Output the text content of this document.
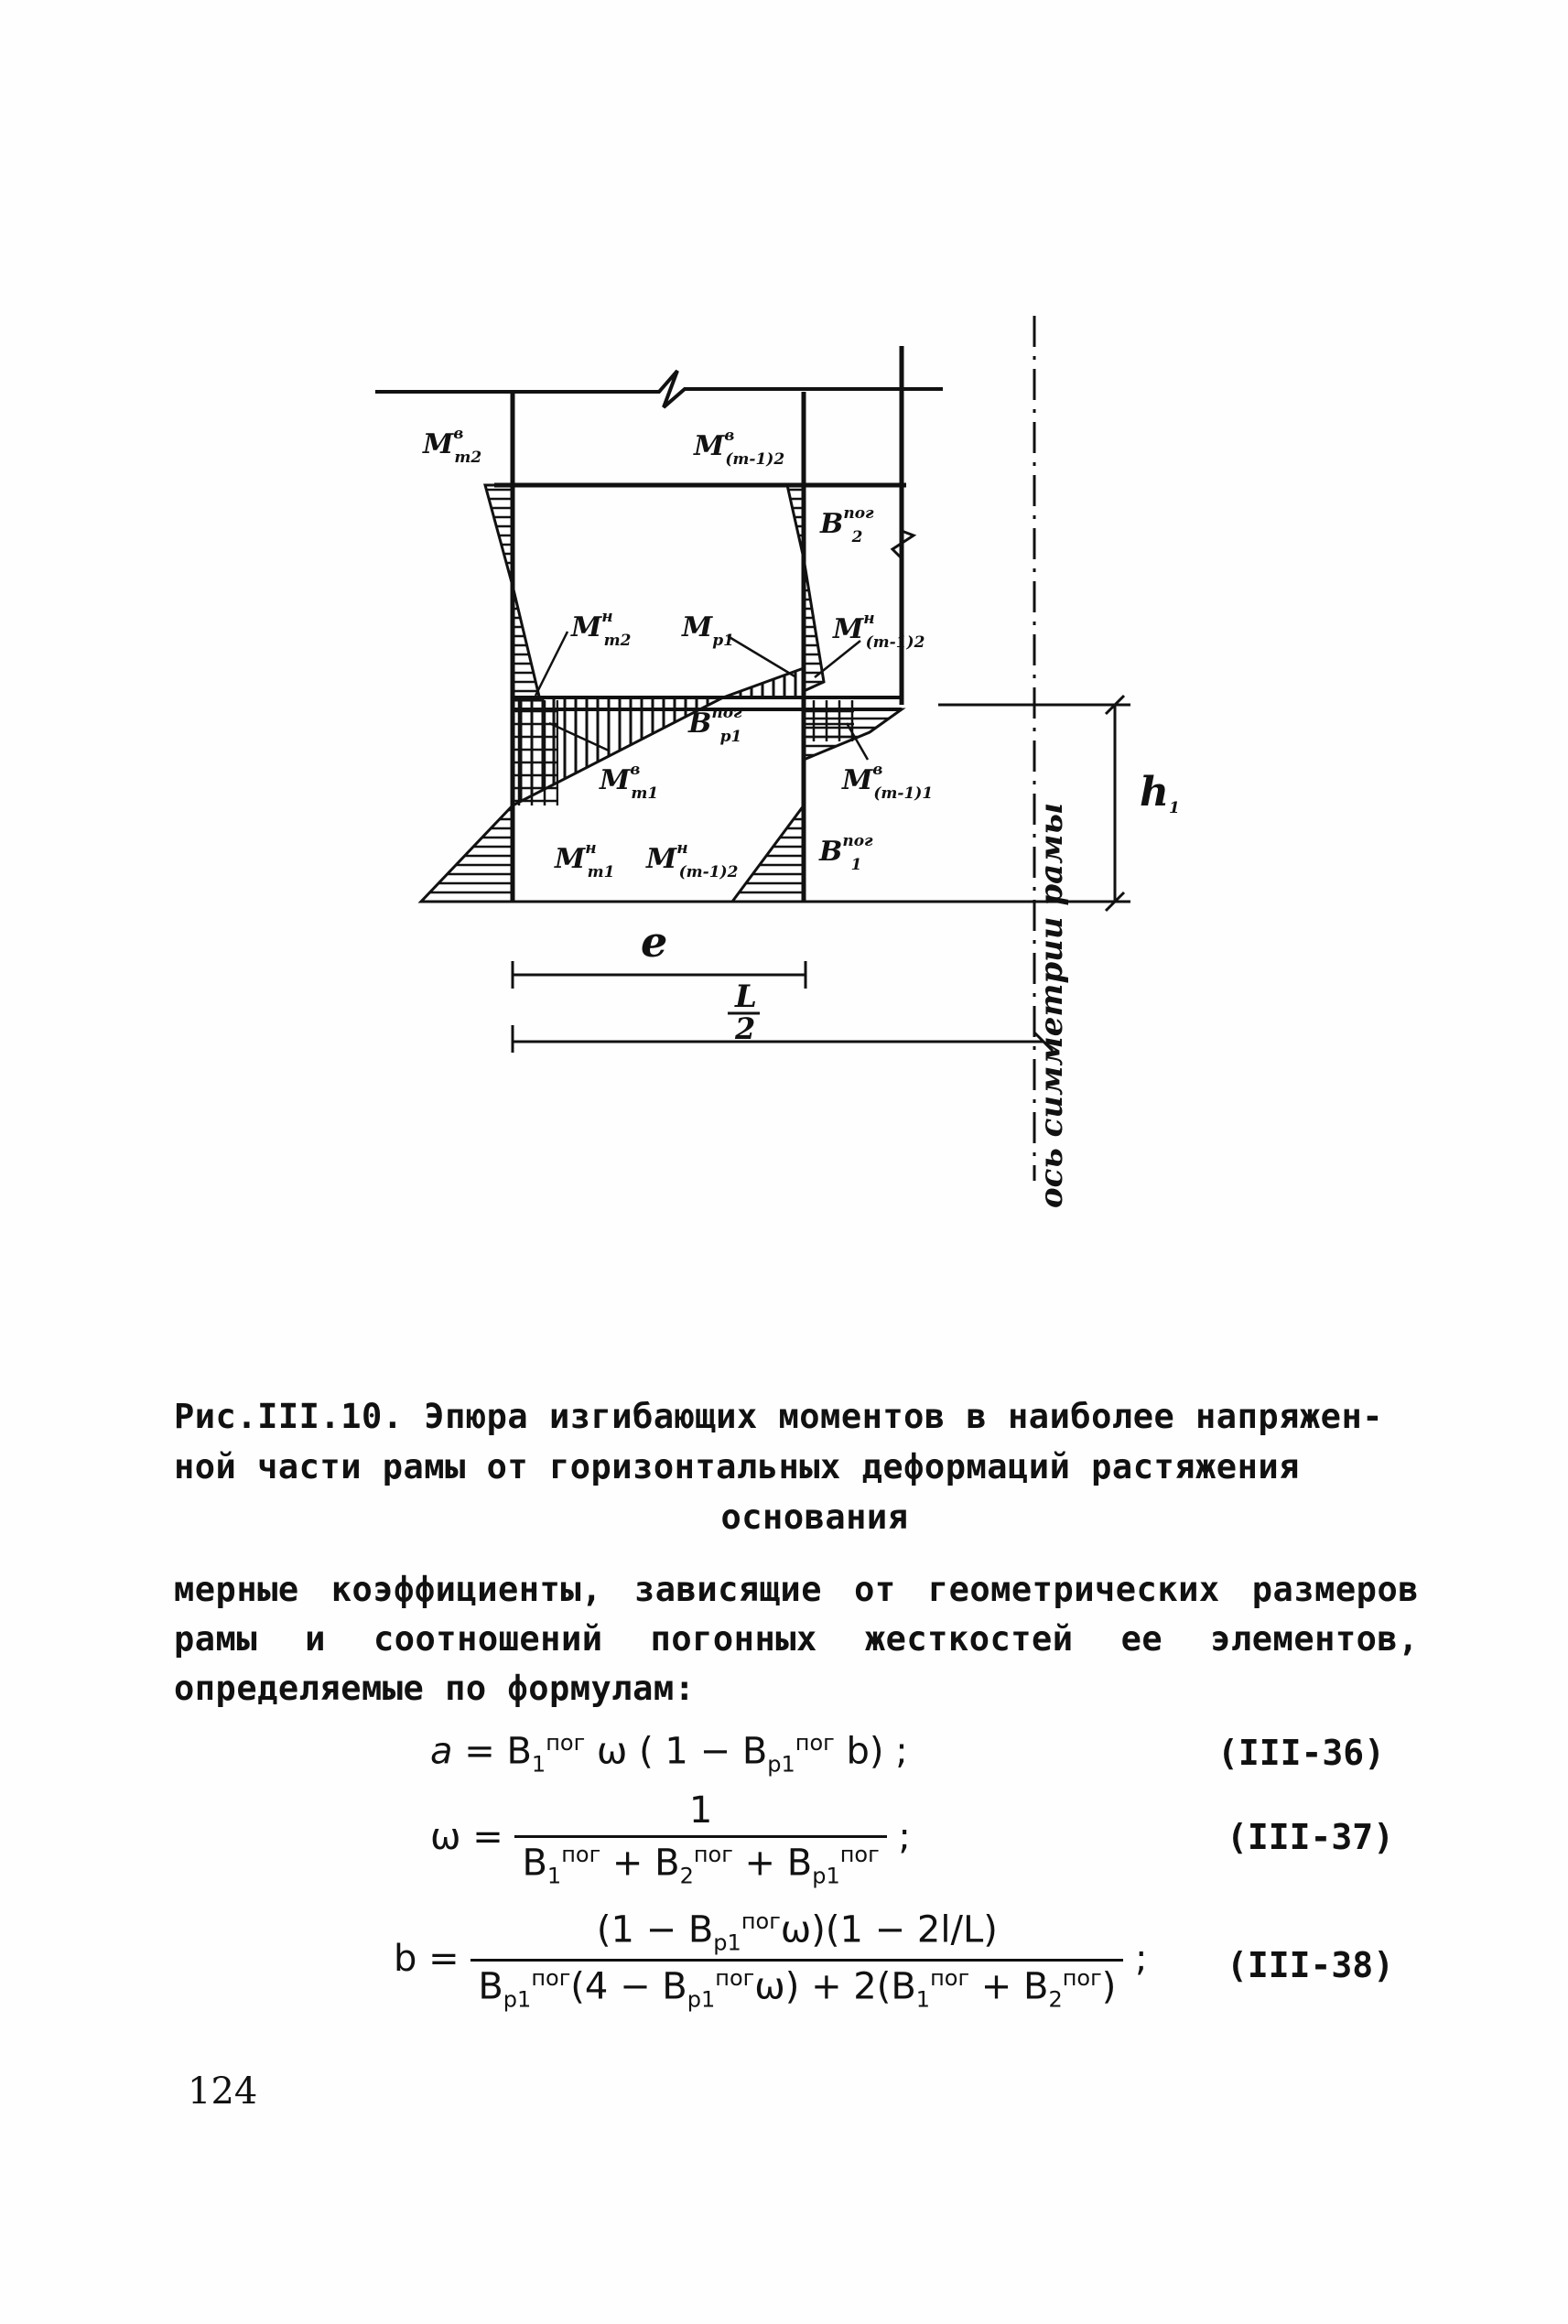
$M^в$ m2	$M^в$ (m-1)2
$B^{пог}$ 2
$M^н$ m2 $M_{p1}$	$M^н$ (m-1)2
$B^{пог}$ p1
$M^в$ m1	$M^в$ (m-1)1
$M^н$ m1 $M^н$ (m-1)2
$B^{пог}$ 1
h1
e
L
2	ось симметрии рамы
Рис.III.10. Эпюра изгибающих моментов в наиболее напряжен-
ной части рамы от горизонтальных деформаций растяжения

основания
мерные коэффициенты, зависящие от геометрических размеров рамы и соотношений погонных жесткостей ее элементов, определяемые по формулам:
$a = B_1^{пог}$ ω ( $1 - B_{p1}^{пог}$ b) ;	(III-36)
$\omega = \frac{1}{B_1^{пог} + B_2^{пог} + B_{p1}^{пог}}$ ;	(III-37)
$b = \frac{(1 - B_{p1}^{пог}\omega)(1 - 2l/L)}{B_{p1}^{пог}(4 - B_{p1}^{пог}\omega) + 2(B_1^{пог} + B_2^{пог})}$ ; (III-38)
124
